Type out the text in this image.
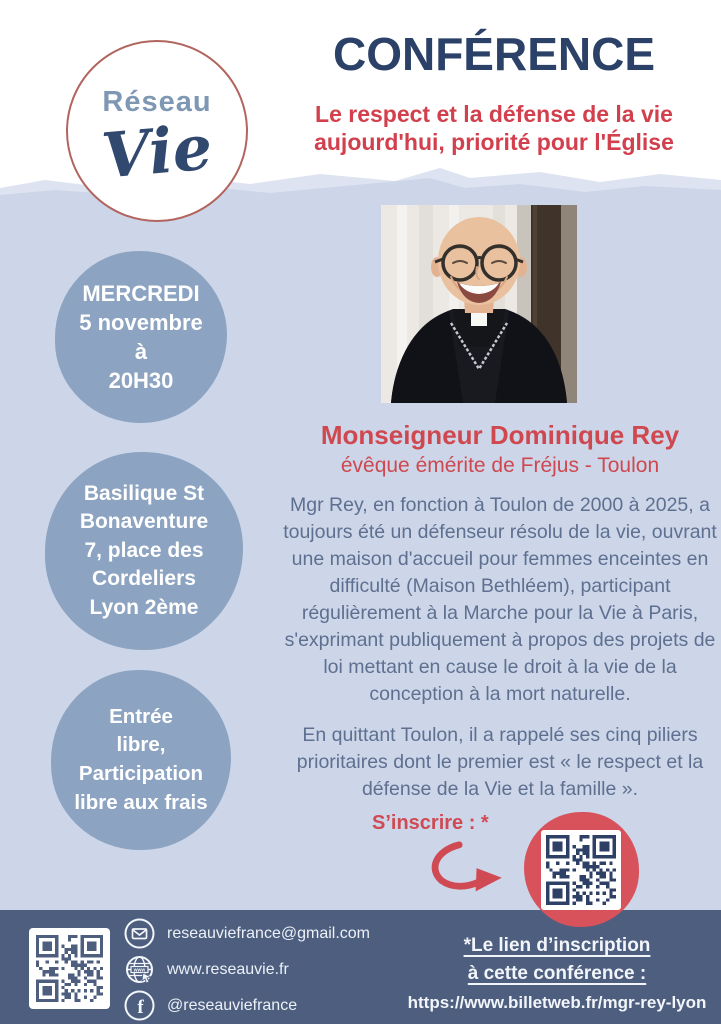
Réseau
Vie
CONFÉRENCE
Le respect et la défense de la vie aujourd'hui, priorité pour l'Église
MERCREDI
5 novembre
à
20H30
Basilique St
Bonaventure
7, place des
Cordeliers
Lyon 2ème
Entrée
libre,
Participation
libre aux frais
Monseigneur Dominique Rey
évêque émérite de Fréjus - Toulon

Mgr Rey, en fonction à Toulon de 2000 à 2025, a toujours été un défenseur résolu de la vie, ouvrant une maison d'accueil pour femmes enceintes en difficulté (Maison Bethléem), participant régulièrement à la Marche pour la Vie à Paris, s'exprimant publiquement à propos des projets de loi mettant en cause le droit à la vie de la conception à la mort naturelle.

En quittant Toulon, il a rappelé ses cinq piliers prioritaires dont le premier est « le respect et la défense de la Vie et la famille ».

S’inscrire : *
reseauviefrance@gmail.com
www www.reseauvie.fr
f @reseauviefrance
*Le lien d’inscription
à cette conférence :
https://www.billetweb.fr/mgr-rey-lyon
